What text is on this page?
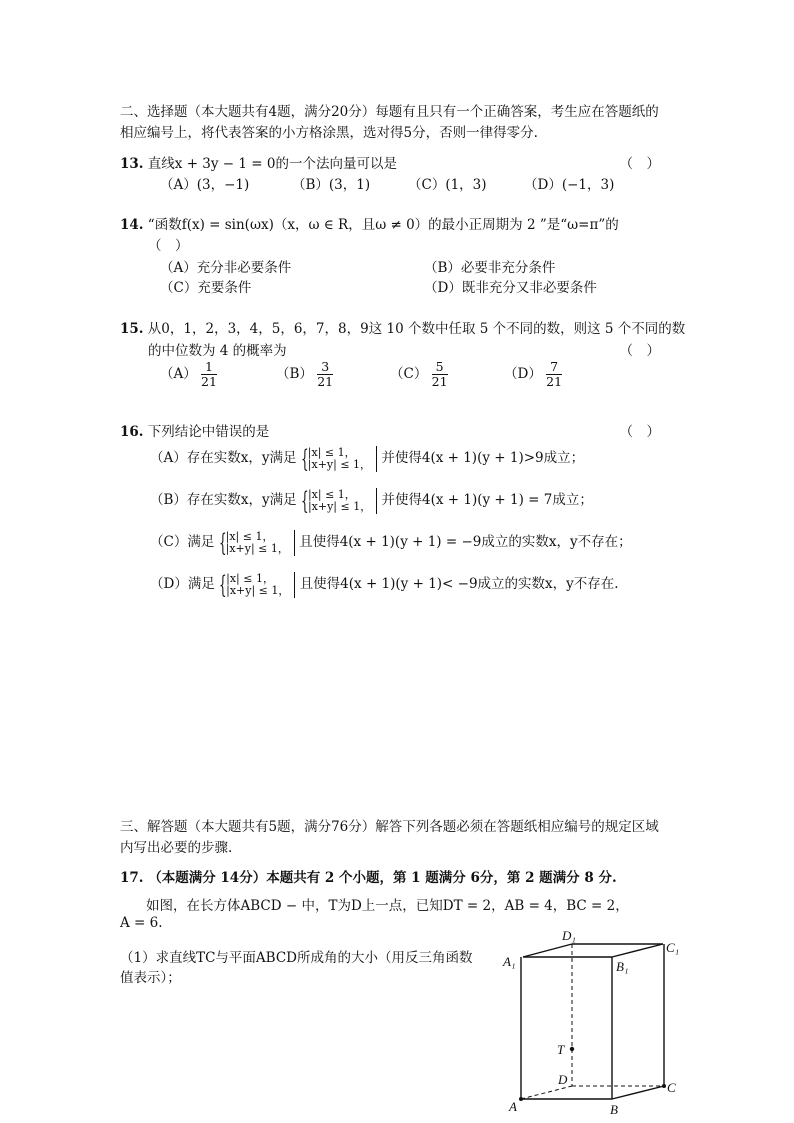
二、选择题（本大题共有4题，满分20分）每题有且只有一个正确答案，考生应在答题纸的
相应编号上，将代表答案的小方格涂黑，选对得5分，否则一律得零分.
13. 直线x + 3y − 1 = 0的一个法向量可以是	（　）
（A）(3，−1)	（B）(3，1)	（C）(1，3)	（D）(−1，3)
14. “函数f(x) = sin(ωx)（x，ω ∈ R，且ω ≠ 0）的最小正周期为 2 ”是“ω=π”的
（　）
（A）充分非必要条件	（B）必要非充分条件
（C）充要条件	（D）既非充分又非必要条件
15. 从0，1，2，3，4，5，6，7，8，9这 10 个数中任取 5 个不同的数，则这 5 个不同的数
的中位数为 4 的概率为	（　）
$(A) \frac{1}{21}$	$(B) \frac{3}{21}$	$(C) \frac{5}{21}$	$(D) \frac{7}{21}$
16. 下列结论中错误的是	（　）
（A）存在实数x，y满足 { |x| ≤ 1，
|x+y| ≤ 1， 并使得4(x + 1)(y + 1)>9成立；
（B）存在实数x，y满足 { |x| ≤ 1，
|x+y| ≤ 1， 并使得4(x + 1)(y + 1) = 7成立；
（C）满足 { |x| ≤ 1，
|x+y| ≤ 1， 且使得4(x + 1)(y + 1) = −9成立的实数x，y不存在；
（D）满足 { |x| ≤ 1，
|x+y| ≤ 1， 且使得4(x + 1)(y + 1)< −9成立的实数x，y不存在.
三、解答题（本大题共有5题，满分76分）解答下列各题必须在答题纸相应编号的规定区域
内写出必要的步骤.
17. （本题满分 14分）本题共有 2 个小题，第 1 题满分 6分，第 2 题满分 8 分.
如图，在长方体ABCD − 中，T为D上一点，已知DT = 2，AB = 4，BC = 2，
A = 6.
（1）求直线TC与平面ABCD所成角的大小（用反三角函数
值表示）；
D₁
C₁
A₁	B₁
T
D
C
A	B
